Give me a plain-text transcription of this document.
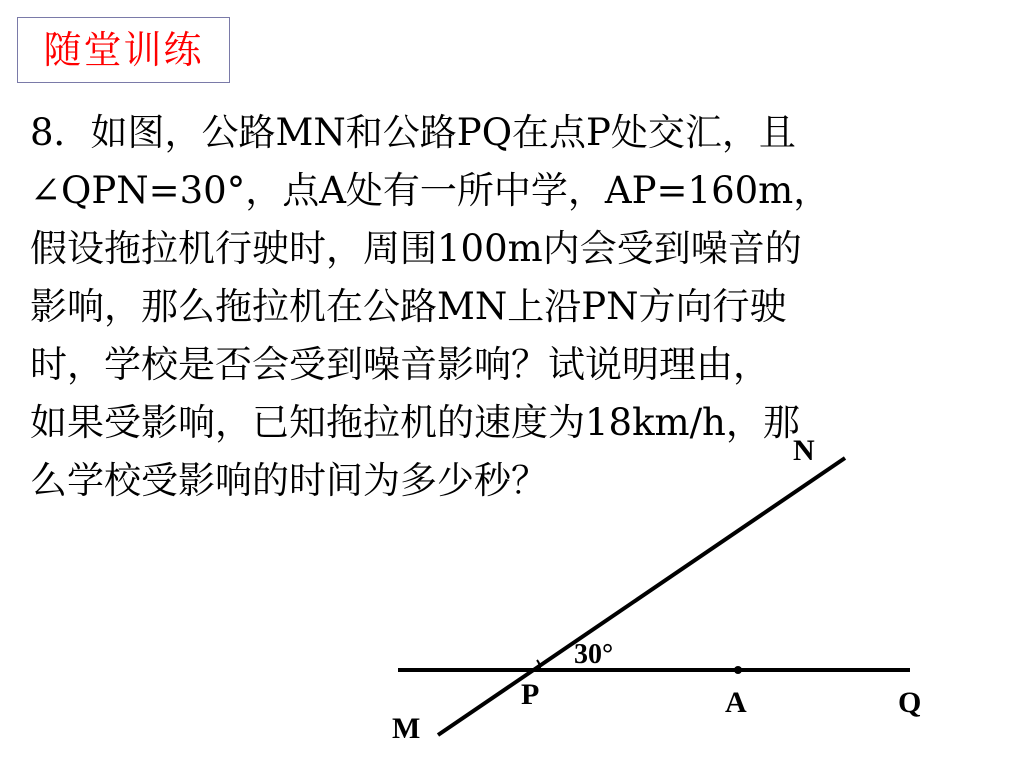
随堂训练
8．如图，公路MN和公路PQ在点P处交汇，且
∠QPN=30°，点A处有一所中学，AP=160m，
假设拖拉机行驶时，周围100m内会受到噪音的
影响，那么拖拉机在公路MN上沿PN方向行驶
时，学校是否会受到噪音影响？试说明理由，
如果受影响，已知拖拉机的速度为18km/h，那
么学校受影响的时间为多少秒？
N
M
P	A	Q
30°
